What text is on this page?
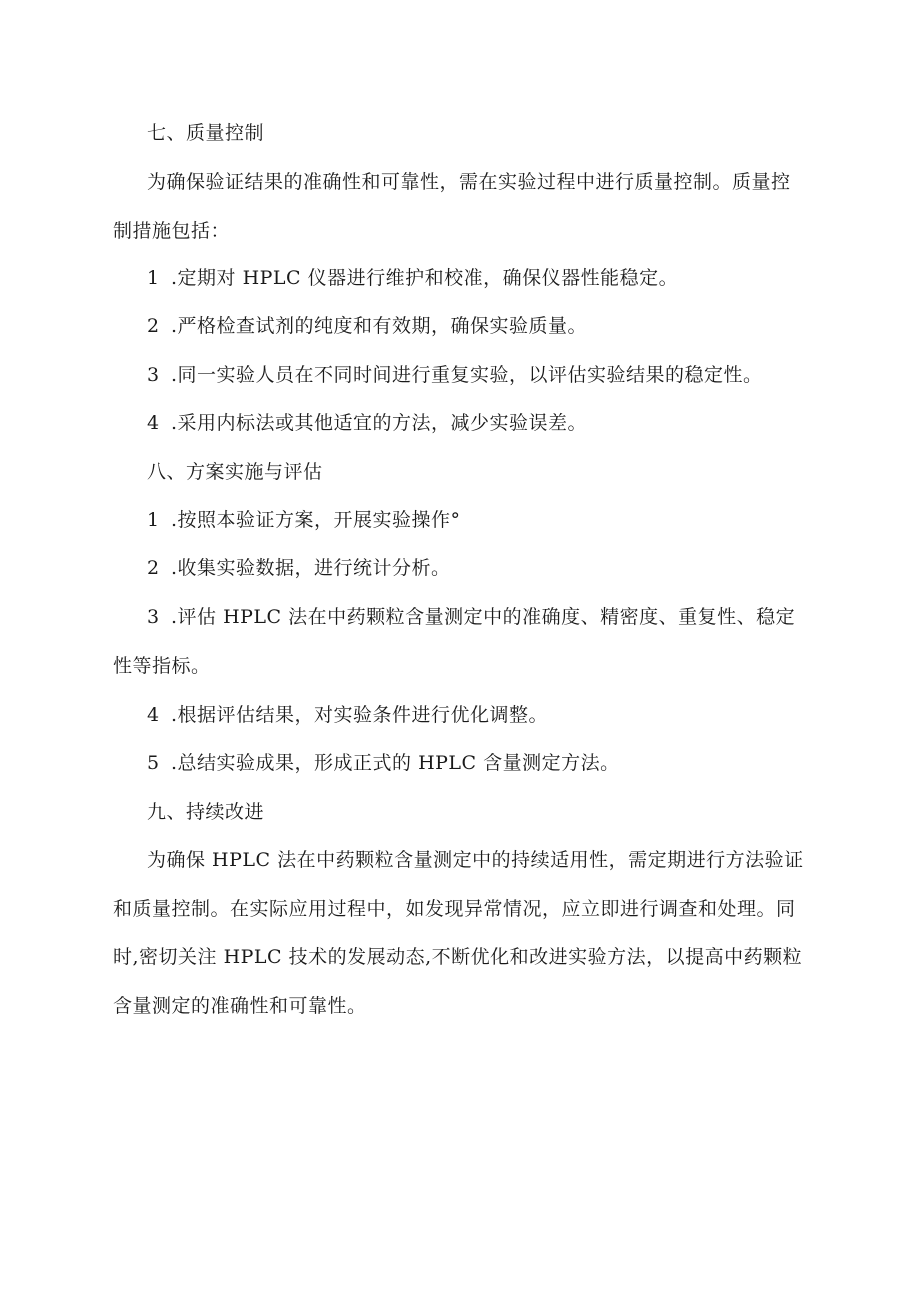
七、质量控制
为确保验证结果的准确性和可靠性，需在实验过程中进行质量控制。质量控
制措施包括：
1 .定期对 HPLC 仪器进行维护和校准，确保仪器性能稳定。
2 .严格检查试剂的纯度和有效期，确保实验质量。
3 .同一实验人员在不同时间进行重复实验，以评估实验结果的稳定性。
4 .采用内标法或其他适宜的方法，减少实验误差。
八、方案实施与评估
1 .按照本验证方案，开展实验操作°
2 .收集实验数据，进行统计分析。
3 .评估 HPLC 法在中药颗粒含量测定中的准确度、精密度、重复性、稳定
性等指标。
4 .根据评估结果，对实验条件进行优化调整。
5 .总结实验成果，形成正式的 HPLC 含量测定方法。
九、持续改进
为确保 HPLC 法在中药颗粒含量测定中的持续适用性，需定期进行方法验证
和质量控制。在实际应用过程中，如发现异常情况，应立即进行调查和处理。同
时,密切关注 HPLC 技术的发展动态,不断优化和改进实验方法，以提高中药颗粒
含量测定的准确性和可靠性。
